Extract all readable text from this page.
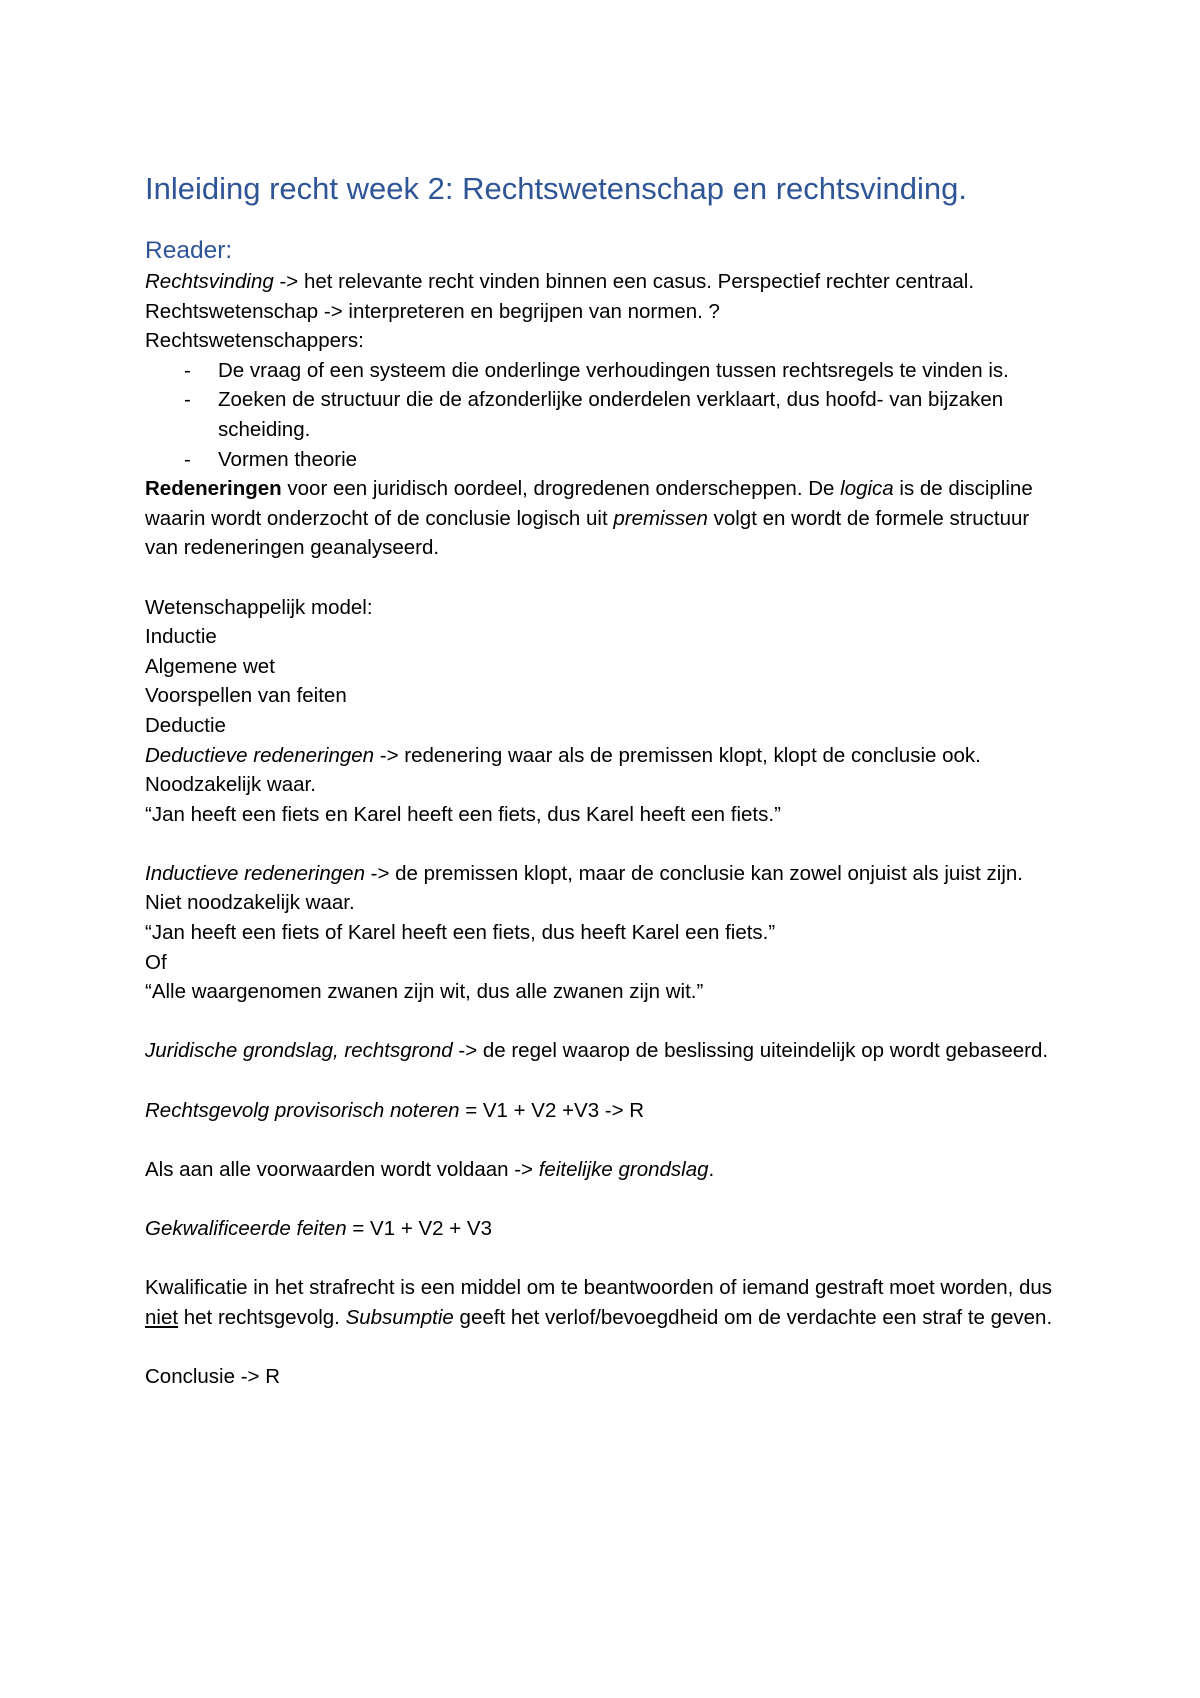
Inleiding recht week 2: Rechtswetenschap en rechtsvinding.
Reader:

Rechtsvinding -> het relevante recht vinden binnen een casus. Perspectief rechter centraal.

Rechtswetenschap -> interpreteren en begrijpen van normen. ?

Rechtswetenschappers:

- De vraag of een systeem die onderlinge verhoudingen tussen rechtsregels te vinden is.
- Zoeken de structuur die de afzonderlijke onderdelen verklaart, dus hoofd- van bijzaken scheiding.
- Vormen theorie

Redeneringen voor een juridisch oordeel, drogredenen onderscheppen. De logica is de discipline waarin wordt onderzocht of de conclusie logisch uit premissen volgt en wordt de formele structuur van redeneringen geanalyseerd.

Wetenschappelijk model:

Inductie

Algemene wet

Voorspellen van feiten

Deductie

Deductieve redeneringen -> redenering waar als de premissen klopt, klopt de conclusie ook. Noodzakelijk waar.

“Jan heeft een fiets en Karel heeft een fiets, dus Karel heeft een fiets.”

Inductieve redeneringen -> de premissen klopt, maar de conclusie kan zowel onjuist als juist zijn. Niet noodzakelijk waar.

“Jan heeft een fiets of Karel heeft een fiets, dus heeft Karel een fiets.”

Of

“Alle waargenomen zwanen zijn wit, dus alle zwanen zijn wit.”

Juridische grondslag, rechtsgrond -> de regel waarop de beslissing uiteindelijk op wordt gebaseerd.

Rechtsgevolg provisorisch noteren = V1 + V2 +V3 -> R

Als aan alle voorwaarden wordt voldaan -> feitelijke grondslag.

Gekwalificeerde feiten = V1 + V2 + V3

Kwalificatie in het strafrecht is een middel om te beantwoorden of iemand gestraft moet worden, dus niet het rechtsgevolg. Subsumptie geeft het verlof/bevoegdheid om de verdachte een straf te geven.

Conclusie -> R
